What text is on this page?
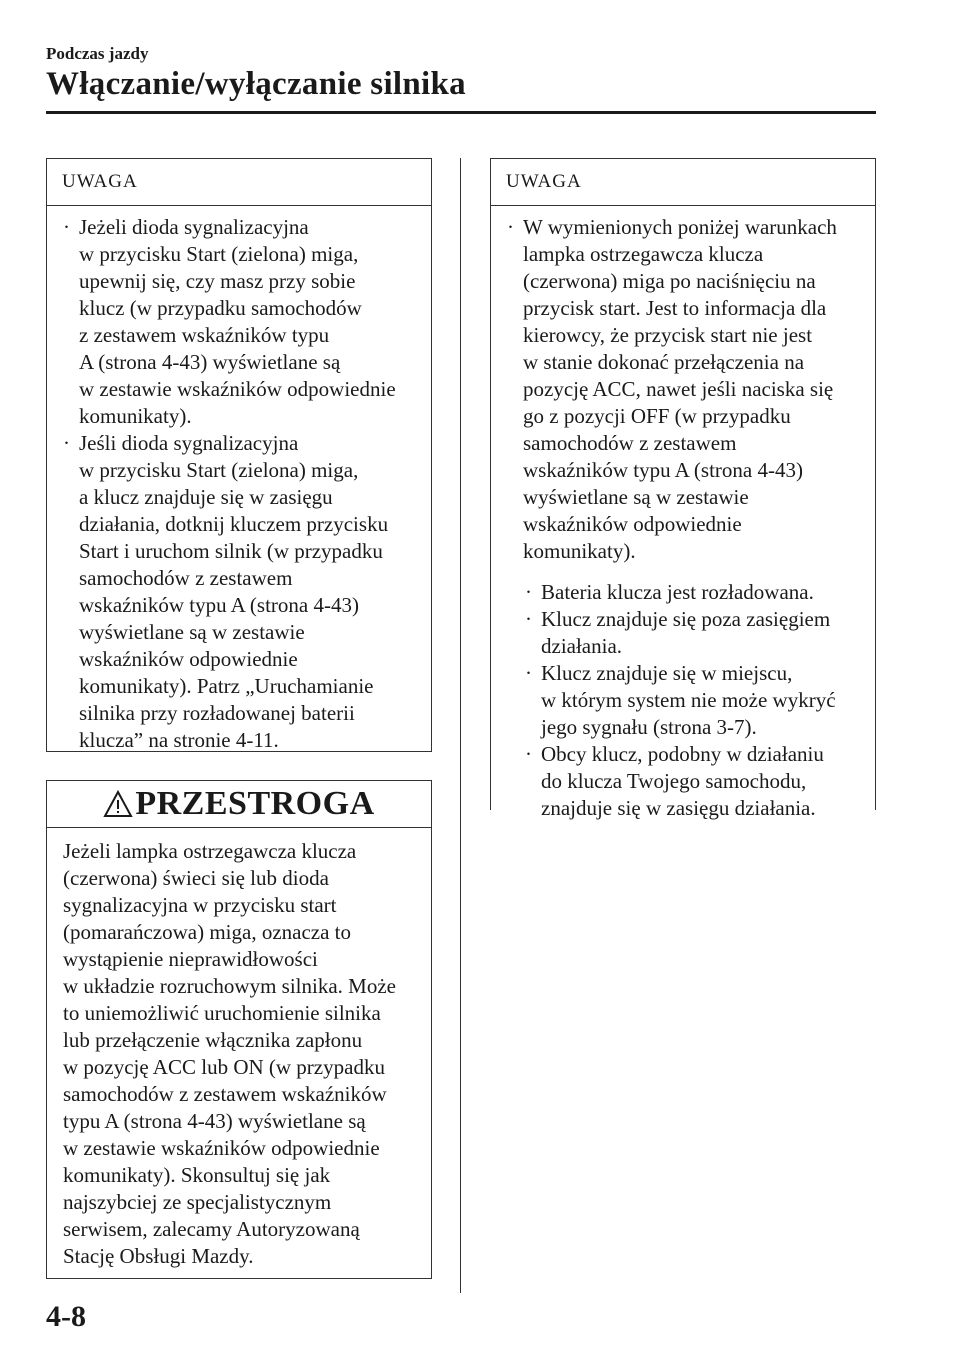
Podczas jazdy
Włączanie/wyłączanie silnika
UWAGA
· Jeżeli dioda sygnalizacyjna
w przycisku Start (zielona) miga,
upewnij się, czy masz przy sobie
klucz (w przypadku samochodów
z zestawem wskaźników typu
A (strona 4-43) wyświetlane są
w zestawie wskaźników odpowiednie
komunikaty).
· Jeśli dioda sygnalizacyjna
w przycisku Start (zielona) miga,
a klucz znajduje się w zasięgu
działania, dotknij kluczem przycisku
Start i uruchom silnik (w przypadku
samochodów z zestawem
wskaźników typu A (strona 4-43)
wyświetlane są w zestawie
wskaźników odpowiednie
komunikaty). Patrz „Uruchamianie
silnika przy rozładowanej baterii
klucza” na stronie 4-11.
PRZESTROGA
Jeżeli lampka ostrzegawcza klucza
(czerwona) świeci się lub dioda
sygnalizacyjna w przycisku start
(pomarańczowa) miga, oznacza to
wystąpienie nieprawidłowości
w układzie rozruchowym silnika. Może
to uniemożliwić uruchomienie silnika
lub przełączenie włącznika zapłonu
w pozycję ACC lub ON (w przypadku
samochodów z zestawem wskaźników
typu A (strona 4-43) wyświetlane są
w zestawie wskaźników odpowiednie
komunikaty). Skonsultuj się jak
najszybciej ze specjalistycznym
serwisem, zalecamy Autoryzowaną
Stację Obsługi Mazdy.
UWAGA
· W wymienionych poniżej warunkach
lampka ostrzegawcza klucza
(czerwona) miga po naciśnięciu na
przycisk start. Jest to informacja dla
kierowcy, że przycisk start nie jest
w stanie dokonać przełączenia na
pozycję ACC, nawet jeśli naciska się
go z pozycji OFF (w przypadku
samochodów z zestawem
wskaźników typu A (strona 4-43)
wyświetlane są w zestawie
wskaźników odpowiednie
komunikaty).
· Bateria klucza jest rozładowana.
· Klucz znajduje się poza zasięgiem
działania.
· Klucz znajduje się w miejscu,
w którym system nie może wykryć
jego sygnału (strona 3-7).
· Obcy klucz, podobny w działaniu
do klucza Twojego samochodu,
znajduje się w zasięgu działania.
4-8
